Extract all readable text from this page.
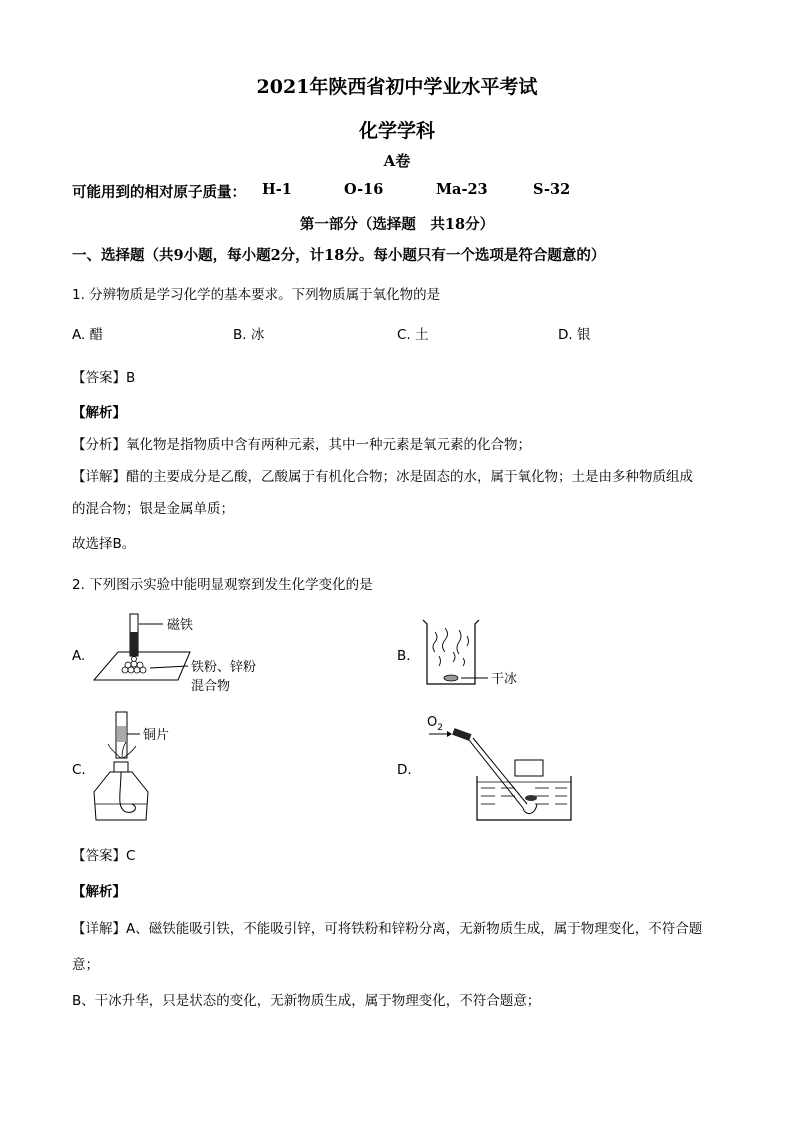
2021年陕西省初中学业水平考试
化学学科
A卷
可能用到的相对原子质量： H-1	O-16	Ma-23	S-32
第一部分（选择题　共18分）
一、选择题（共9小题，每小题2分，计18分。每小题只有一个选项是符合题意的）
1. 分辨物质是学习化学的基本要求。下列物质属于氧化物的是
A. 醋	B. 冰	C. 土	D. 银
【答案】B
【解析】
【分析】氧化物是指物质中含有两种元素，其中一种元素是氧元素的化合物；
【详解】醋的主要成分是乙酸，乙酸属于有机化合物；冰是固态的水，属于氧化物；土是由多种物质组成
的混合物；银是金属单质；
故选择B。
2. 下列图示实验中能明显观察到发生化学变化的是
A.	B.
C.	D.
磁铁
铁粉、锌粉
混合物	干冰
铜片
$O_2$
【答案】C
【解析】
【详解】A、磁铁能吸引铁，不能吸引锌，可将铁粉和锌粉分离，无新物质生成，属于物理变化，不符合题
意；
B、干冰升华，只是状态的变化，无新物质生成，属于物理变化，不符合题意；
